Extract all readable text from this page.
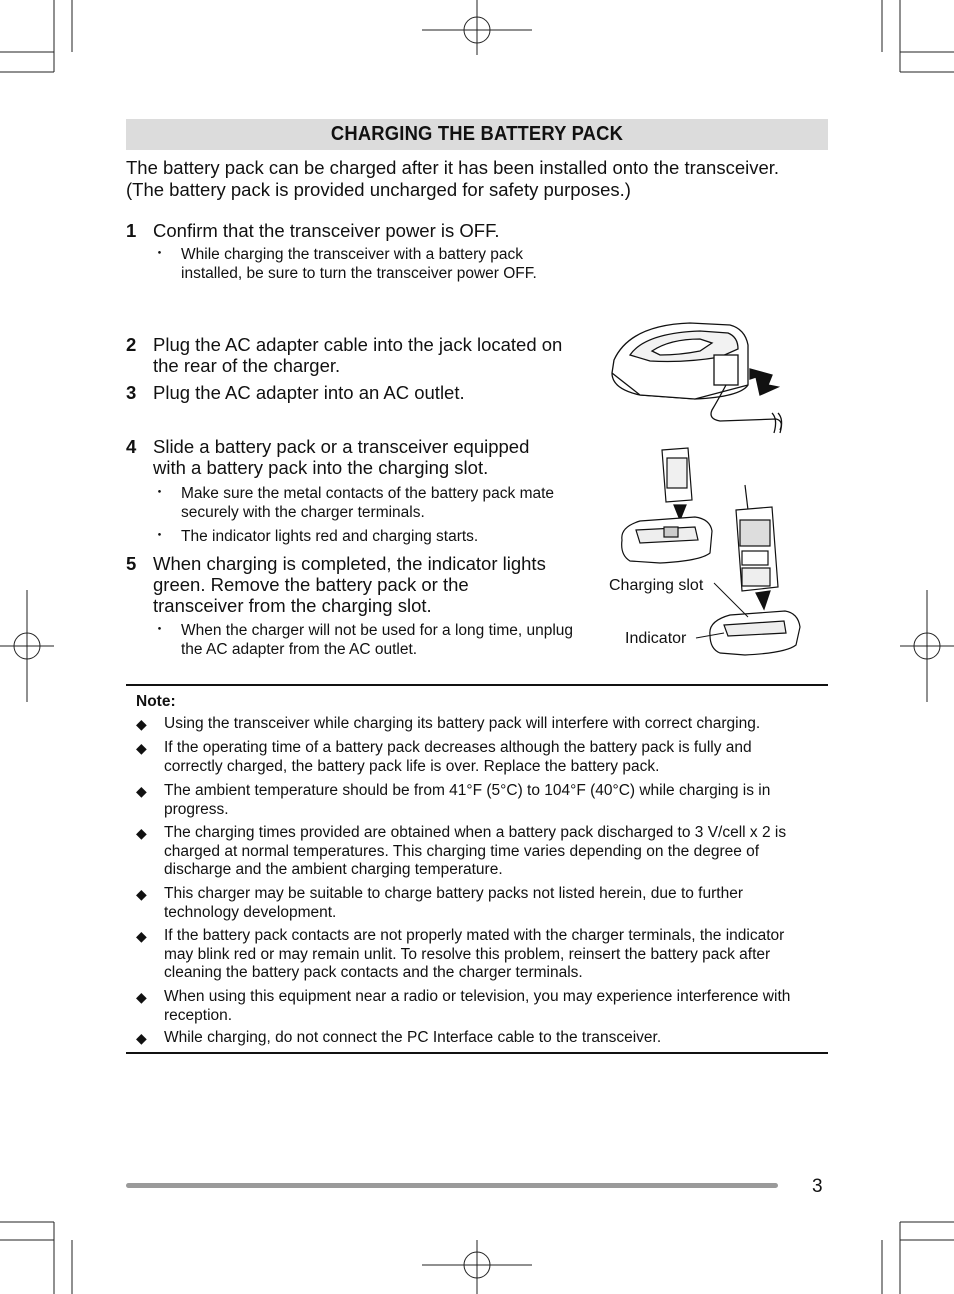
CHARGING THE BATTERY PACK
The battery pack can be charged after it has been installed onto the transceiver.
(The battery pack is provided uncharged for safety purposes.)
1 Confirm that the transceiver power is OFF.
・ While charging the transceiver with a battery pack installed, be sure to turn the transceiver power OFF.
2 Plug the AC adapter cable into the jack located on the rear of the charger.
3 Plug the AC adapter into an AC outlet.
4 Slide a battery pack or a transceiver equipped with a battery pack into the charging slot.
・ Make sure the metal contacts of the battery pack mate securely with the charger terminals.
・ The indicator lights red and charging starts.
5 When charging is completed, the indicator lights green. Remove the battery pack or the transceiver from the charging slot.
・ When the charger will not be used for a long time, unplug the AC adapter from the AC outlet.
Charging slot
Indicator
Note:
◆ Using the transceiver while charging its battery pack will interfere with correct charging.
◆ If the operating time of a battery pack decreases although the battery pack is fully and correctly charged, the battery pack life is over. Replace the battery pack.
◆ The ambient temperature should be from 41°F (5°C) to 104°F (40°C) while charging is in progress.
◆ The charging times provided are obtained when a battery pack discharged to 3 V/cell x 2 is charged at normal temperatures. This charging time varies depending on the degree of discharge and the ambient charging temperature.
◆ This charger may be suitable to charge battery packs not listed herein, due to further technology development.
◆ If the battery pack contacts are not properly mated with the charger terminals, the indicator may blink red or may remain unlit. To resolve this problem, reinsert the battery pack after cleaning the battery pack contacts and the charger terminals.
◆ When using this equipment near a radio or television, you may experience interference with reception.
◆ While charging, do not connect the PC Interface cable to the transceiver.
3
